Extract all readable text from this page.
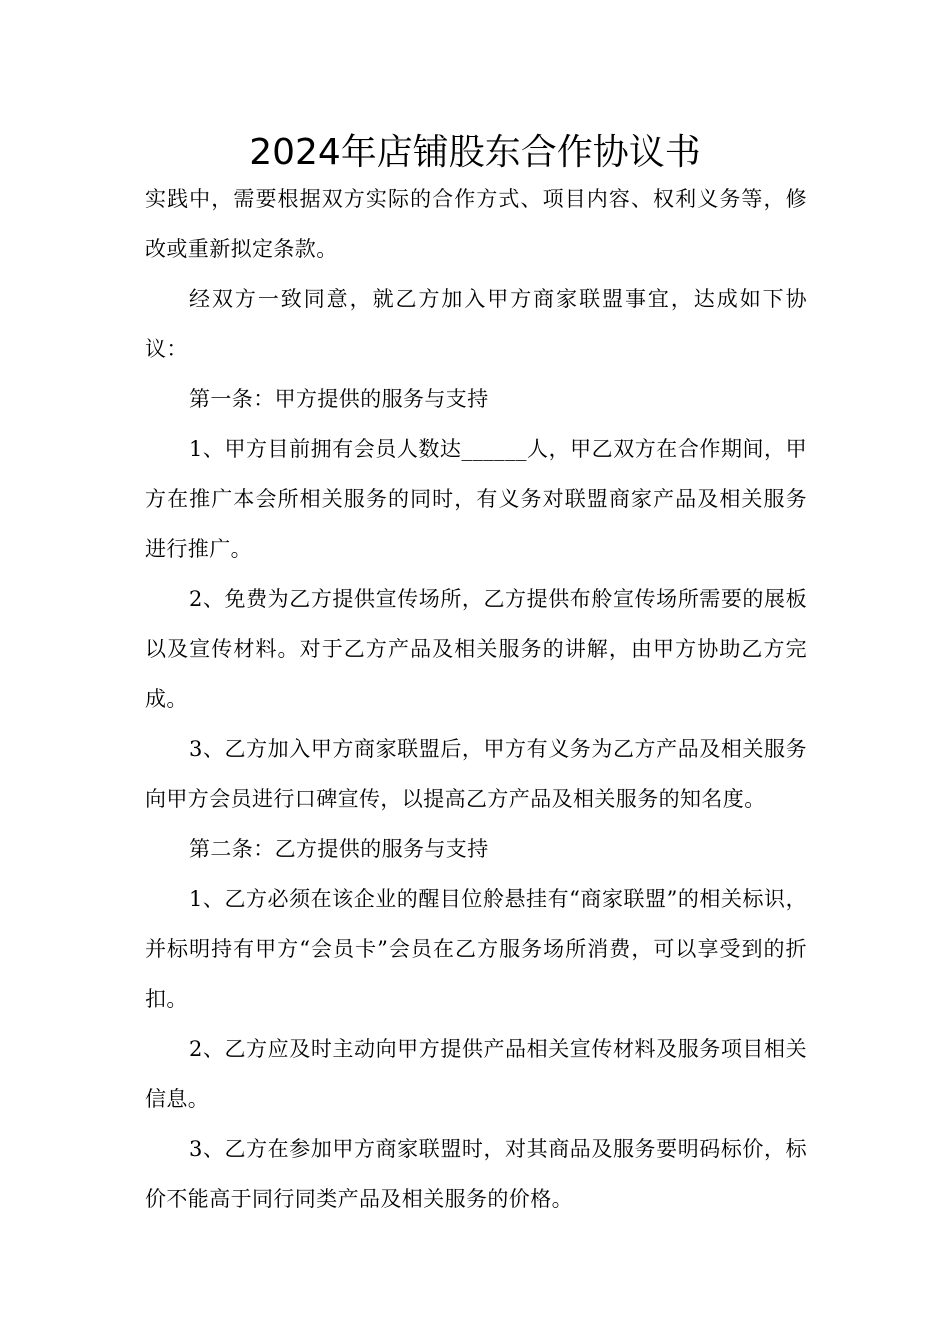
2024年店铺股东合作协议书

实践中，需要根据双方实际的合作方式、项目内容、权利义务等，修改或重新拟定条款。

经双方一致同意，就乙方加入甲方商家联盟事宜，达成如下协议：

第一条：甲方提供的服务与支持

1、甲方目前拥有会员人数达______人，甲乙双方在合作期间，甲方在推广本会所相关服务的同时，有义务对联盟商家产品及相关服务进行推广。

2、免费为乙方提供宣传场所，乙方提供布舲宣传场所需要的展板以及宣传材料。对于乙方产品及相关服务的讲解，由甲方协助乙方完成。

3、乙方加入甲方商家联盟后，甲方有义务为乙方产品及相关服务向甲方会员进行口碑宣传，以提高乙方产品及相关服务的知名度。

第二条：乙方提供的服务与支持

1、乙方必须在该企业的醒目位舲悬挂有“商家联盟”的相关标识，并标明持有甲方“会员卡”会员在乙方服务场所消费，可以享受到的折扣。

2、乙方应及时主动向甲方提供产品相关宣传材料及服务项目相关信息。

3、乙方在参加甲方商家联盟时，对其商品及服务要明码标价，标价不能高于同行同类产品及相关服务的价格。
